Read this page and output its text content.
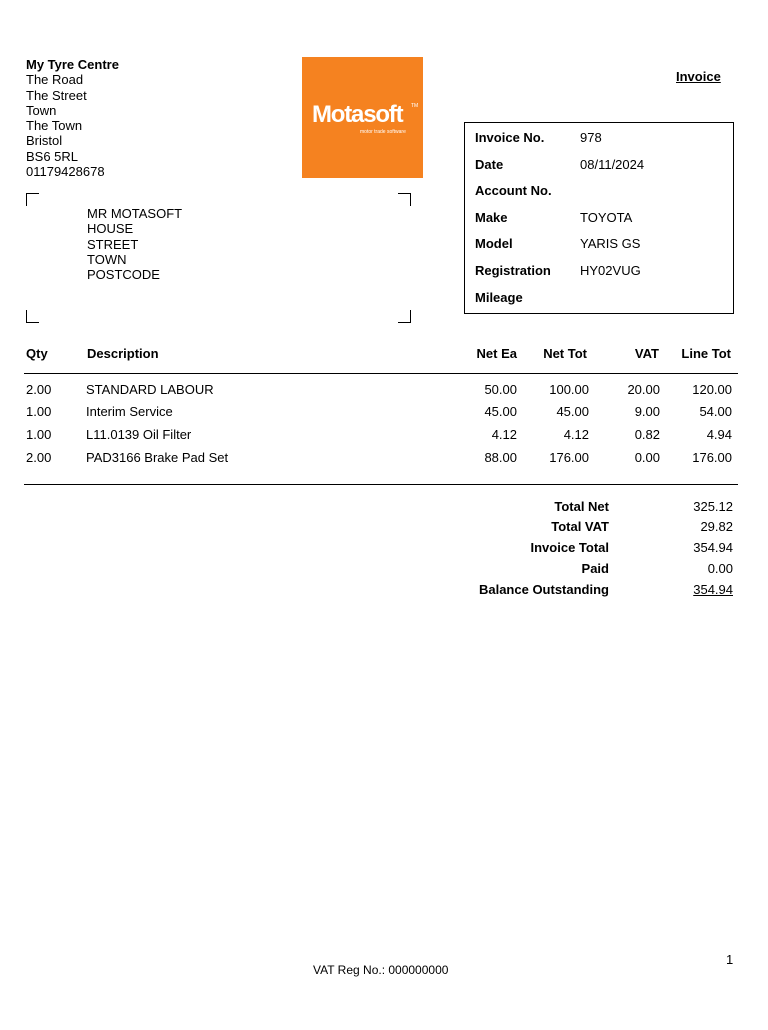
My Tyre Centre
The Road
The Street
Town
The Town
Bristol
BS6 5RL
01179428678
Motasoft TM
motor trade software
Invoice
MR MOTASOFT
HOUSE
STREET
TOWN
POSTCODE
Invoice No.	978
Date	08/11/2024
Account No.
Make	TOYOTA
Model	YARIS GS
Registration HY02VUG
Mileage
Qty	Description	Net Ea	Net Tot	VAT	Line Tot
2.00	STANDARD LABOUR	50.00	100.00	20.00	120.00
1.00	Interim Service	45.00	45.00	9.00	54.00
1.00	L11.0139 Oil Filter	4.12	4.12	0.82	4.94
2.00	PAD3166 Brake Pad Set	88.00	176.00	0.00	176.00
Total Net	325.12
Total VAT	29.82
Invoice Total	354.94
Paid	0.00
Balance Outstanding	354.94
1
VAT Reg No.: 000000000
